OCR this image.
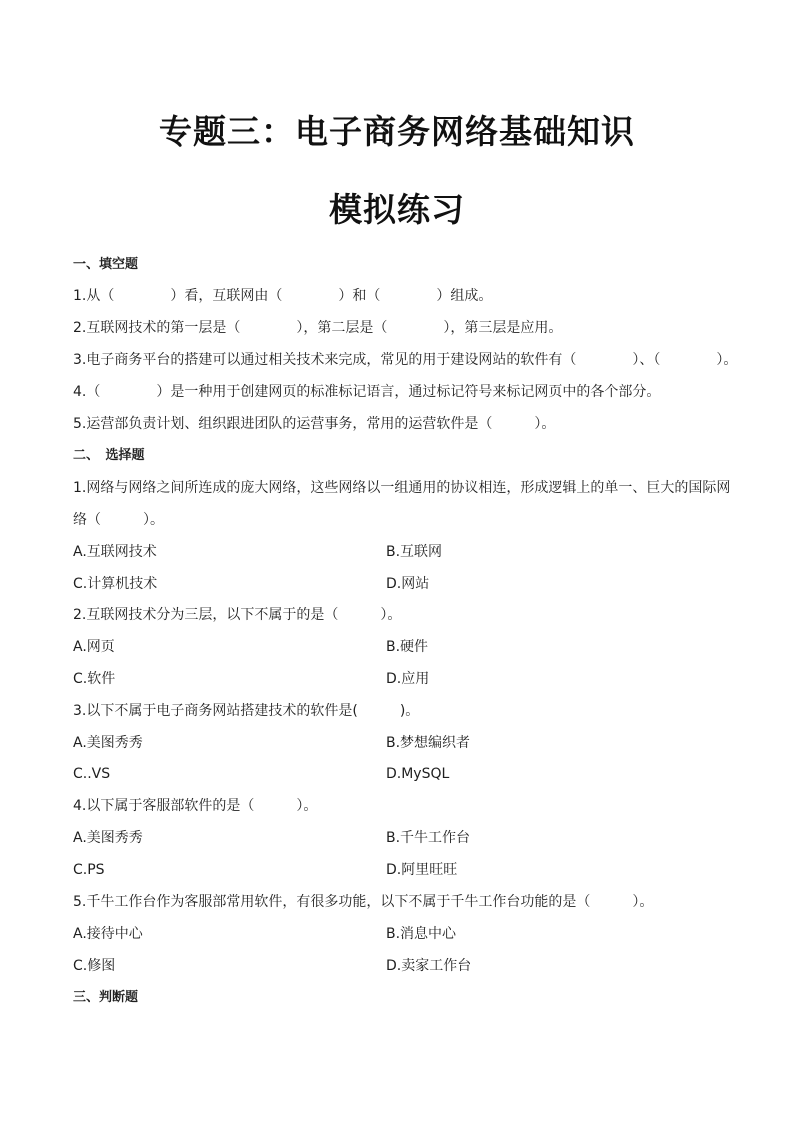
专题三：电子商务网络基础知识
模拟练习
一、填空题
1.从（　　　　）看，互联网由（　　　　）和（　　　　）组成。
2.互联网技术的第一层是（　　　　），第二层是（　　　　），第三层是应用。
3.电子商务平台的搭建可以通过相关技术来完成，常见的用于建设网站的软件有（　　　　）、（　　　　）。
4.（　　　　）是一种用于创建网页的标准标记语言，通过标记符号来标记网页中的各个部分。
5.运营部负责计划、组织跟进团队的运营事务，常用的运营软件是（　　　）。
二、　选择题
1.网络与网络之间所连成的庞大网络，这些网络以一组通用的协议相连，形成逻辑上的单一、巨大的国际网
络（　　　）。
A.互联网技术	B.互联网
C.计算机技术	D.网站
2.互联网技术分为三层，以下不属于的是（　　　）。
A.网页	B.硬件
C.软件	D.应用
3.以下不属于电子商务网站搭建技术的软件是(　　　)。
A.美图秀秀	B.梦想编织者
C..VS	D.MySQL
4.以下属于客服部软件的是（　　　）。
A.美图秀秀	B.千牛工作台
C.PS	D.阿里旺旺
5.千牛工作台作为客服部常用软件，有很多功能，以下不属于千牛工作台功能的是（　　　）。
A.接待中心	B.消息中心
C.修图	D.卖家工作台
三、判断题
